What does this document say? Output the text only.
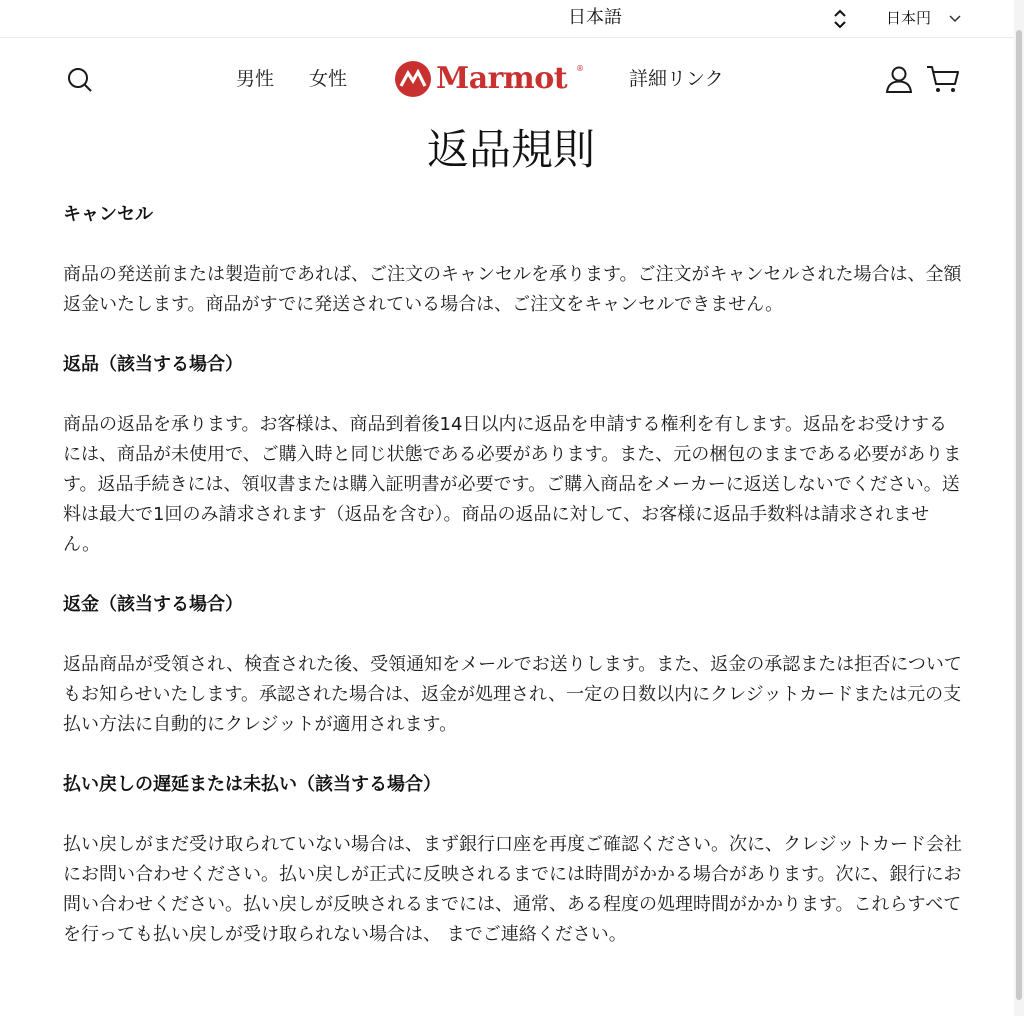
日本語	日本円
男性 女性	Marmot ® 詳細リンク
返品規則

キャンセル

商品の発送前または製造前であれば、ご注文のキャンセルを承ります。ご注文がキャンセルされた場合は、全額返金いたします。商品がすでに発送されている場合は、ご注文をキャンセルできません。

返品（該当する場合）

商品の返品を承ります。お客様は、商品到着後14日以内に返品を申請する権利を有します。返品をお受けするには、商品が未使用で、ご購入時と同じ状態である必要があります。また、元の梱包のままである必要があります。返品手続きには、領収書または購入証明書が必要です。ご購入商品をメーカーに返送しないでください。送料は最大で1回のみ請求されます（返品を含む）。商品の返品に対して、お客様に返品手数料は請求されません。

返金（該当する場合）

返品商品が受領され、検査された後、受領通知をメールでお送りします。また、返金の承認または拒否についてもお知らせいたします。承認された場合は、返金が処理され、一定の日数以内にクレジットカードまたは元の支払い方法に自動的にクレジットが適用されます。

払い戻しの遅延または未払い（該当する場合）

払い戻しがまだ受け取られていない場合は、まず銀行口座を再度ご確認ください。次に、クレジットカード会社にお問い合わせください。払い戻しが正式に反映されるまでには時間がかかる場合があります。次に、銀行にお問い合わせください。払い戻しが反映されるまでには、通常、ある程度の処理時間がかかります。これらすべてを行っても払い戻しが受け取られない場合は、 までご連絡ください。
